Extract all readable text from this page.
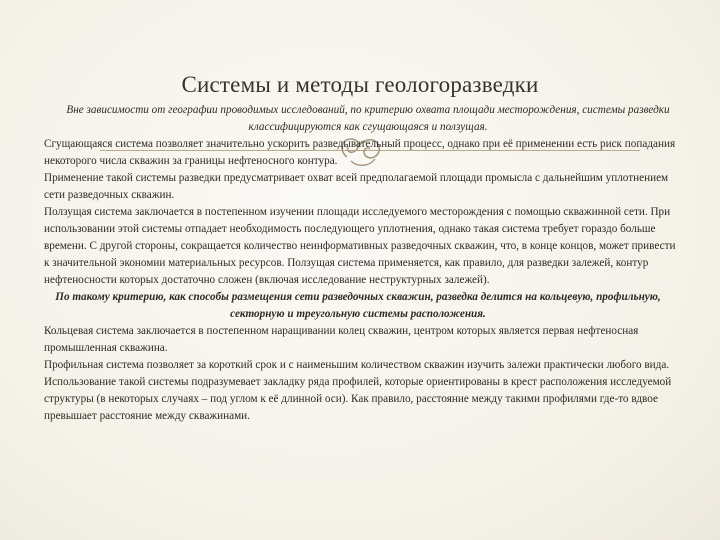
Системы и методы геологоразведки

Вне зависимости от географии проводимых исследований, по критерию охвата площади месторождения, системы разведки классифицируются как сгущающаяся и ползущая.

Сгущающаяся система позволяет значительно ускорить разведывательный процесс, однако при её применении есть риск попадания некоторого числа скважин за границы нефтеносного контура.

Применение такой системы разведки предусматривает охват всей предполагаемой площади промысла с дальнейшим уплотнением сети разведочных скважин.

Ползущая система заключается в постепенном изучении площади исследуемого месторождения с помощью скважинной сети. При использовании этой системы отпадает необходимость последующего уплотнения, однако такая система требует гораздо больше времени. С другой стороны, сокращается количество неинформативных разведочных скважин, что, в конце концов, может привести к значительной экономии материальных ресурсов. Ползущая система применяется, как правило, для разведки залежей, контур нефтеносности которых достаточно сложен (включая исследование неструктурных залежей).

По такому критерию, как способы размещения сети разведочных скважин, разведка делится на кольцевую, профильную, секторную и треугольную системы расположения.

Кольцевая система заключается в постепенном наращивании колец скважин, центром которых является первая нефтеносная промышленная скважина.

Профильная система позволяет за короткий срок и с наименьшим количеством скважин изучить залежи практически любого вида. Использование такой системы подразумевает закладку ряда профилей, которые ориентированы в крест расположения исследуемой структуры (в некоторых случаях – под углом к её длинной оси). Как правило, расстояние между такими профилями где-то вдвое превышает расстояние между скважинами.
